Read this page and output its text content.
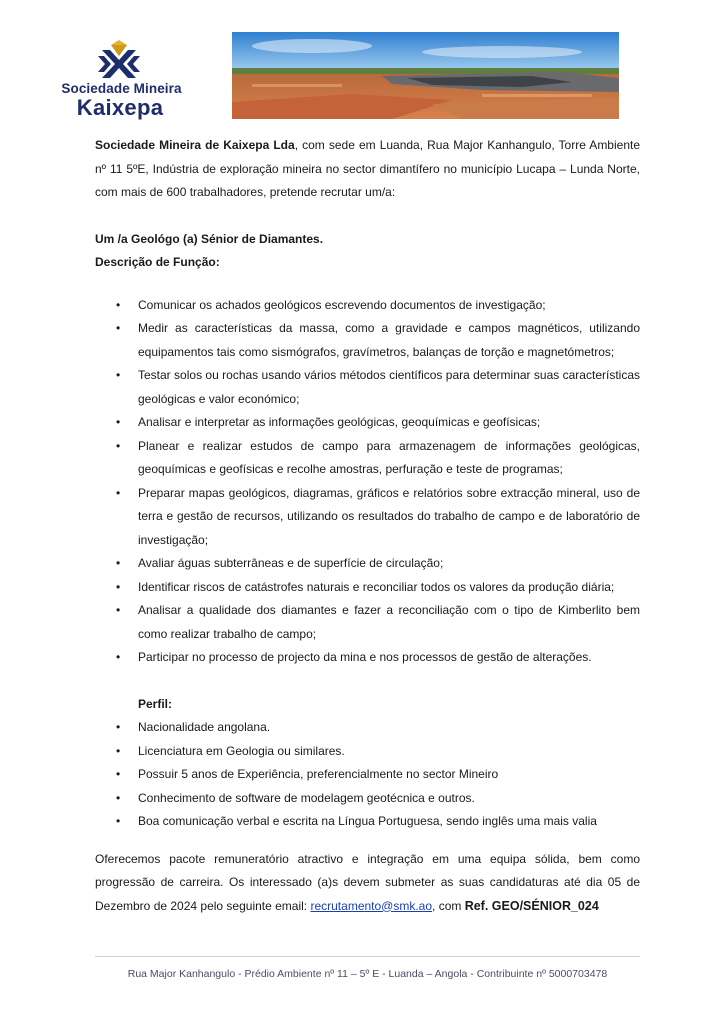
Sociedade Mineira
Kaixepa

Sociedade Mineira de Kaixepa Lda, com sede em Luanda, Rua Major Kanhangulo, Torre Ambiente nº 11 5ºE, Indústria de exploração mineira no sector dimantífero no município Lucapa – Lunda Norte, com mais de 600 trabalhadores, pretende recrutar um/a:

Um /a Geológo (a) Sénior de Diamantes.

Descrição de Função:

• Comunicar os achados geológicos escrevendo documentos de investigação;
• Medir as características da massa, como a gravidade e campos magnéticos, utilizando equipamentos tais como sismógrafos, gravímetros, balanças de torção e magnetómetros;
• Testar solos ou rochas usando vários métodos científicos para determinar suas características geológicas e valor económico;
• Analisar e interpretar as informações geológicas, geoquímicas e geofísicas;
• Planear e realizar estudos de campo para armazenagem de informações geológicas, geoquímicas e geofísicas e recolhe amostras, perfuração e teste de programas;
• Preparar mapas geológicos, diagramas, gráficos e relatórios sobre extracção mineral, uso de terra e gestão de recursos, utilizando os resultados do trabalho de campo e de laboratório de investigação;
• Avaliar águas subterrâneas e de superfície de circulação;
• Identificar riscos de catástrofes naturais e reconciliar todos os valores da produção diária;
• Analisar a qualidade dos diamantes e fazer a reconciliação com o tipo de Kimberlito bem como realizar trabalho de campo;
• Participar no processo de projecto da mina e nos processos de gestão de alterações.

Perfil:

• Nacionalidade angolana.
• Licenciatura em Geologia ou similares.
• Possuir 5 anos de Experiência, preferencialmente no sector Mineiro
• Conhecimento de software de modelagem geotécnica e outros.
• Boa comunicação verbal e escrita na Língua Portuguesa, sendo inglês uma mais valia

Oferecemos pacote remuneratório atractivo e integração em uma equipa sólida, bem como progressão de carreira. Os interessado (a)s devem submeter as suas candidaturas até dia 05 de Dezembro de 2024 pelo seguinte email: recrutamento@smk.ao, com Ref. GEO/SÉNIOR_024

Rua Major Kanhangulo - Prédio Ambiente nº 11 – 5º E - Luanda – Angola - Contribuinte nº 5000703478
